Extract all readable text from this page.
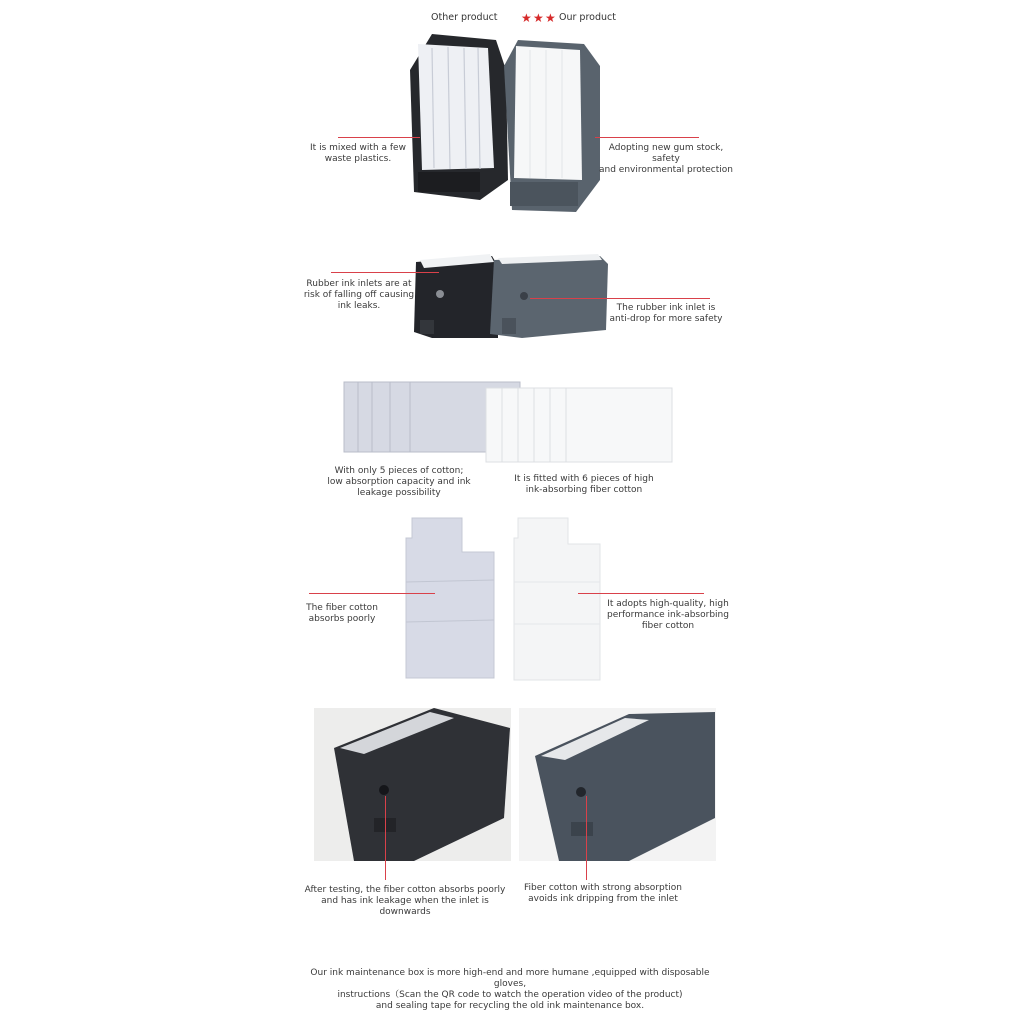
Other product ★ ★ ★ Our product
It is mixed with a few
waste plastics.
Adopting new gum stock, safety
and environmental protection
Rubber ink inlets are at
risk of falling off causing
ink leaks.	The rubber ink inlet is
anti-drop for more safety
With only 5 pieces of cotton;
low absorption capacity and ink
leakage possibility
It is fitted with 6 pieces of high
ink-absorbing fiber cotton
The fiber cotton
absorbs poorly
It adopts high-quality, high
performance ink-absorbing
fiber cotton
After testing, the fiber cotton absorbs poorly
and has ink leakage when the inlet is downwards
Fiber cotton with strong absorption
avoids ink dripping from the inlet
Our ink maintenance box is more high-end and more humane ,equipped with disposable gloves,
instructions（Scan the QR code to watch the operation video of the product)
and sealing tape for recycling the old ink maintenance box.
